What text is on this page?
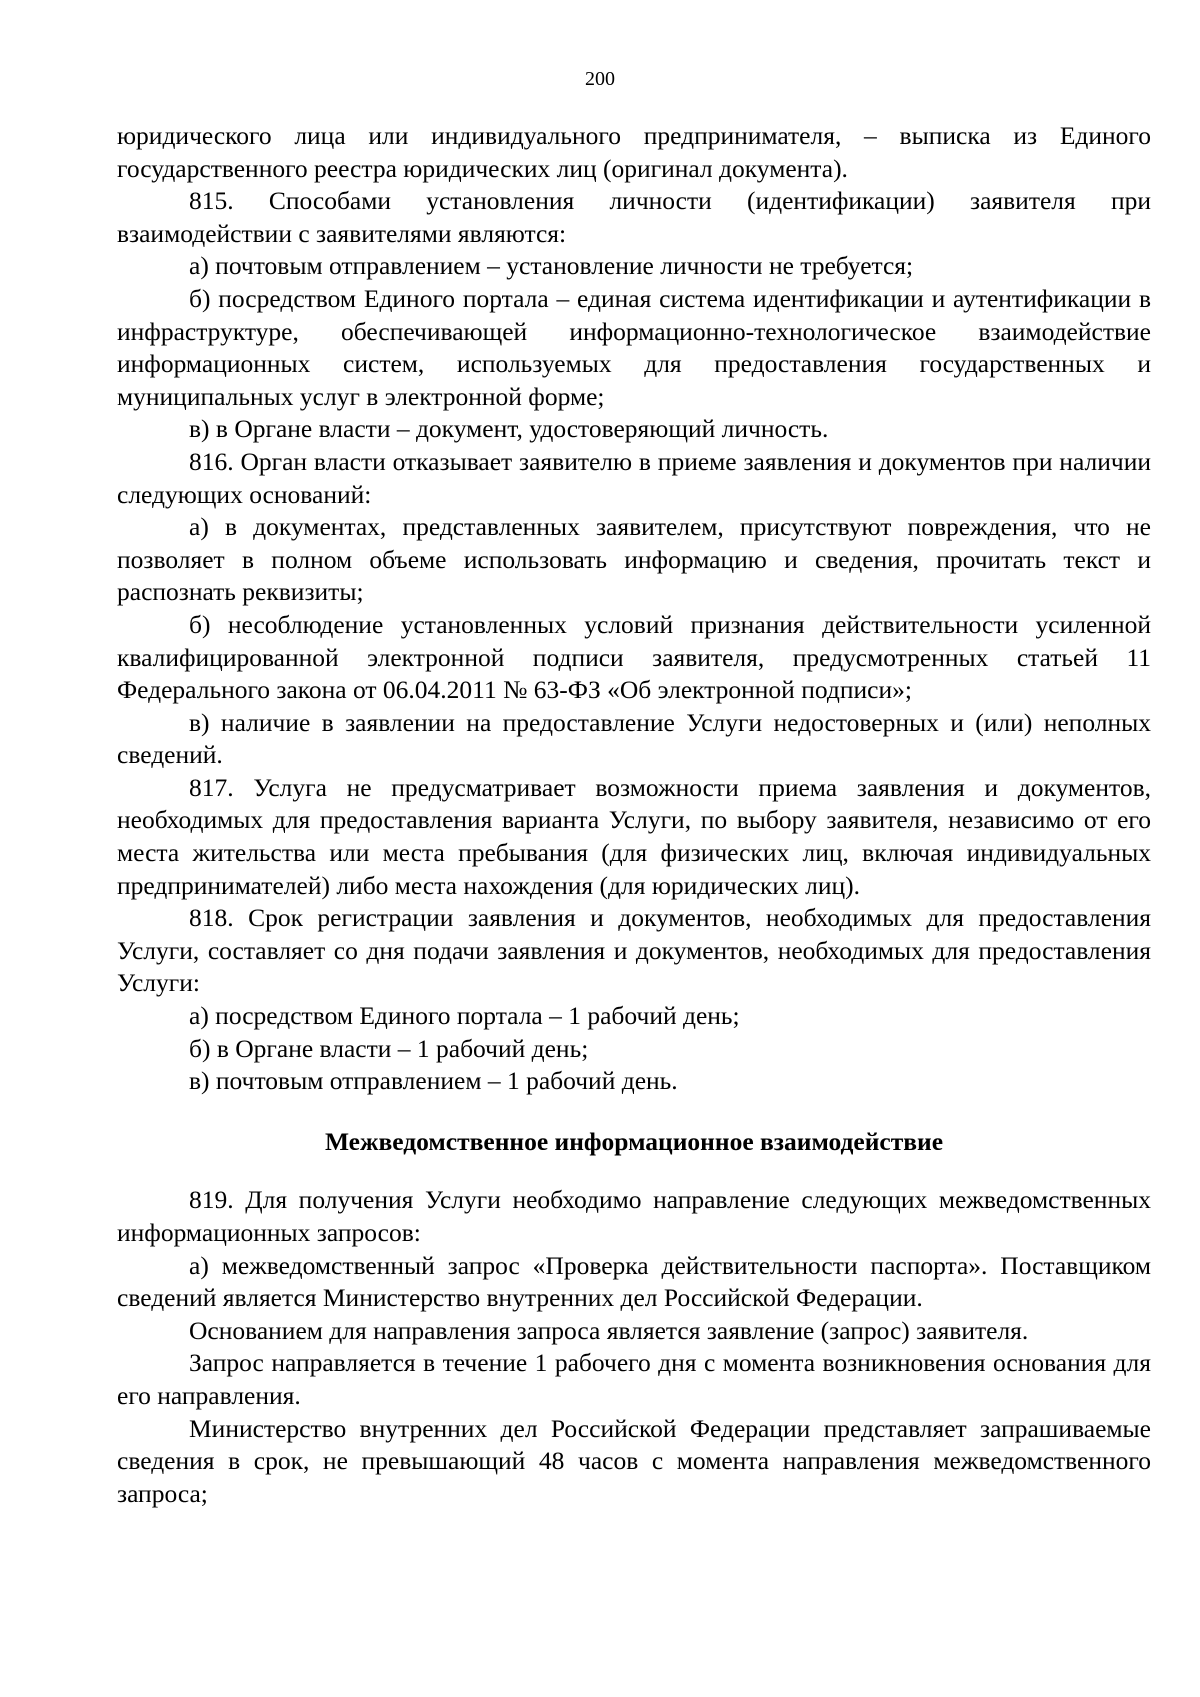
200

юридического лица или индивидуального предпринимателя, – выписка из Единого государственного реестра юридических лиц (оригинал документа).

815. Способами установления личности (идентификации) заявителя при взаимодействии с заявителями являются:

а) почтовым отправлением – установление личности не требуется;

б) посредством Единого портала – единая система идентификации и аутентификации в инфраструктуре, обеспечивающей информационно-технологическое взаимодействие информационных систем, используемых для предоставления государственных и муниципальных услуг в электронной форме;

в) в Органе власти – документ, удостоверяющий личность.

816. Орган власти отказывает заявителю в приеме заявления и документов при наличии следующих оснований:

а) в документах, представленных заявителем, присутствуют повреждения, что не позволяет в полном объеме использовать информацию и сведения, прочитать текст и распознать реквизиты;

б) несоблюдение установленных условий признания действительности усиленной квалифицированной электронной подписи заявителя, предусмотренных статьей 11 Федерального закона от 06.04.2011 № 63-ФЗ «Об электронной подписи»;

в) наличие в заявлении на предоставление Услуги недостоверных и (или) неполных сведений.

817. Услуга не предусматривает возможности приема заявления и документов, необходимых для предоставления варианта Услуги, по выбору заявителя, независимо от его места жительства или места пребывания (для физических лиц, включая индивидуальных предпринимателей) либо места нахождения (для юридических лиц).

818. Срок регистрации заявления и документов, необходимых для предоставления Услуги, составляет со дня подачи заявления и документов, необходимых для предоставления Услуги:

а) посредством Единого портала – 1 рабочий день;

б) в Органе власти – 1 рабочий день;

в) почтовым отправлением – 1 рабочий день.

Межведомственное информационное взаимодействие

819. Для получения Услуги необходимо направление следующих межведомственных информационных запросов:

а) межведомственный запрос «Проверка действительности паспорта». Поставщиком сведений является Министерство внутренних дел Российской Федерации.

Основанием для направления запроса является заявление (запрос) заявителя.

Запрос направляется в течение 1 рабочего дня с момента возникновения основания для его направления.

Министерство внутренних дел Российской Федерации представляет запрашиваемые сведения в срок, не превышающий 48 часов с момента направления межведомственного запроса;
